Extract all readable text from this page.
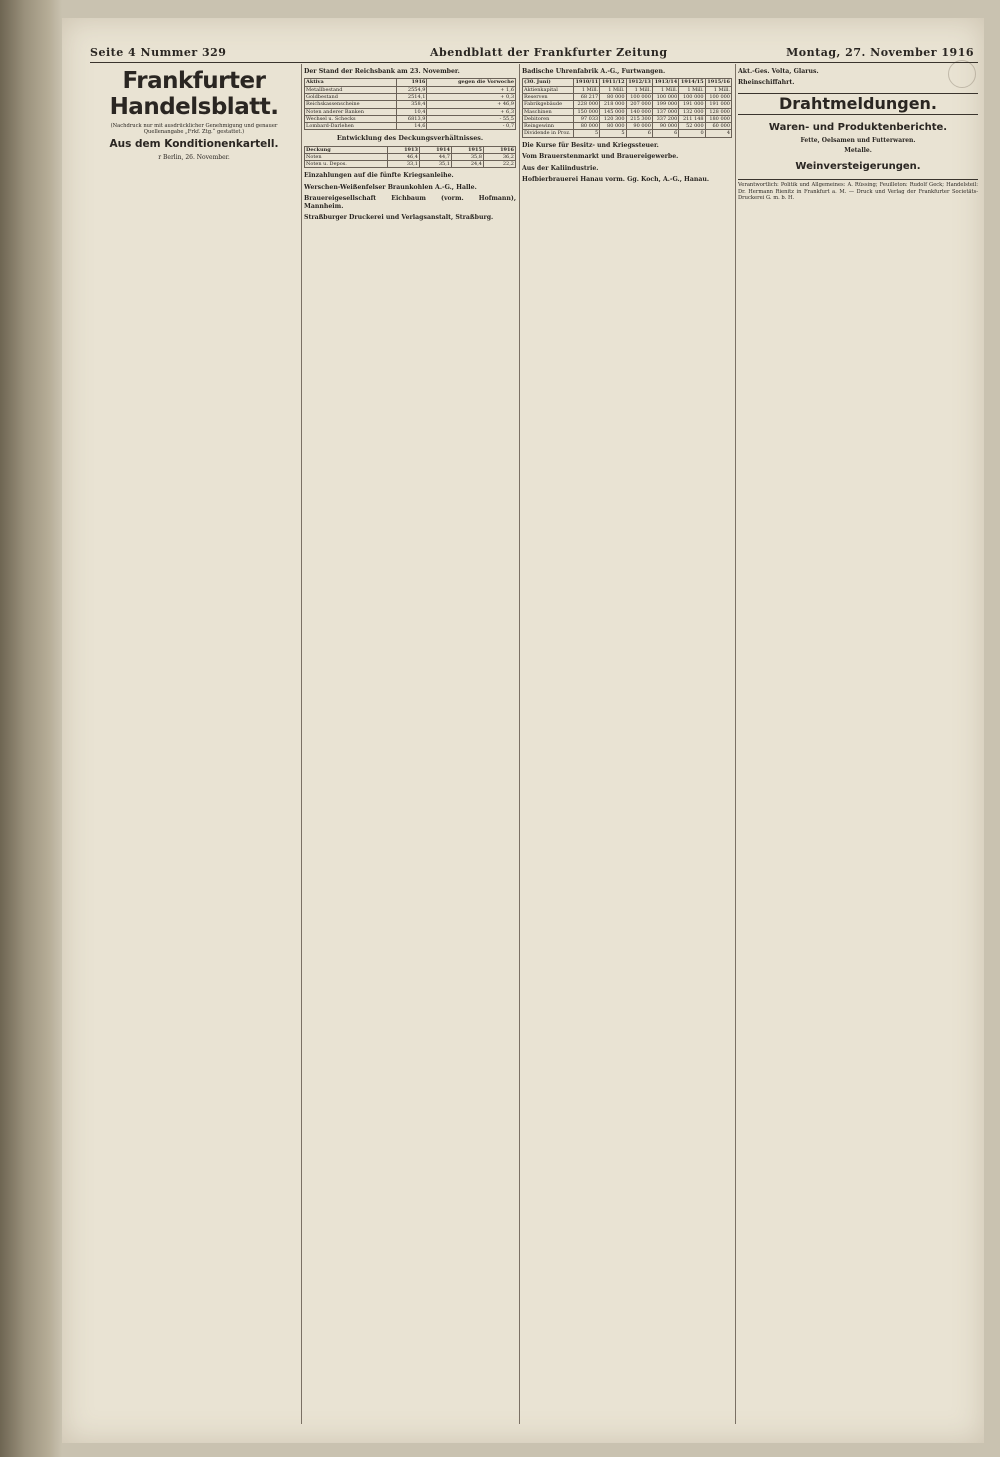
Seite 4 Nummer 329	Abendblatt der Frankfurter Zeitung	Montag, 27. November 1916
Frankfurter Handelsblatt.
(Nachdruck nur mit ausdrücklicher Genehmigung und genauer Quellenangabe „Frkf. Ztg.“ gestattet.)
Aus dem Konditionenkartell.
r Berlin, 26. November.
Der Stand der Reichsbank am 23. November.
Aktiva	1916	gegen die Vorwoche
Metallbestand	2554,9	+ 1,6
Goldbestand	2514,1	+ 0,3
Reichskassenscheine	358,4	+ 46,9
Noten anderer Banken	10,4	+ 6,3
Wechsel u. Schecks	6813,9	- 55,5
Lombard-Darlehen	14,6	- 0,7
Entwicklung des Deckungsverhältnisses.
Deckung	1913	1914	1915	1916
Noten	46,4	44,7	35,8	36,2
Noten u. Depos.	33,1	35,1	24,4	22,2
Einzahlungen auf die fünfte Kriegsanleihe.
Werschen-Weißenfelser Braunkohlen A.-G., Halle.
Brauereigesellschaft Eichbaum (vorm. Hofmann), Mannheim.
Straßburger Druckerei und Verlagsanstalt, Straßburg.
Badische Uhrenfabrik A.-G., Furtwangen.
(30. Juni)	1910/11	1911/12	1912/13	1913/14	1914/15	1915/16
Aktienkapital	1 Mill.	1 Mill.	1 Mill.	1 Mill.	1 Mill.	1 Mill.
Reserven	68 217	80 000	100 000	100 000	100 000	100 000
Fabrikgebäude	228 000	218 000	207 000	199 000	191 000	191 000
Maschinen	150 000	145 000	140 000	137 000	132 000	128 000
Debitoren	97 033	120 300	215 300	337 200	211 148	180 000
Reingewinn	80 000	80 000	90 000	90 000	52 000	60 000
Dividende in Proz.	5	5	6	6	0	4
Die Kurse für Besitz- und Kriegssteuer.
Vom Brauerstenmarkt und Brauereigewerbe.
Aus der Kaliindustrie.
Hofbierbrauerei Hanau vorm. Gg. Koch, A.-G., Hanau.
Akt.-Ges. Volta, Glarus.
Rheinschiffahrt.
Drahtmeldungen.
Waren- und Produktenberichte.
Fette, Oelsamen und Futterwaren.
Metalle.
Weinversteigerungen.
Verantwortlich: Politik und Allgemeines: A. Rüssing; Feuilleton: Rudolf Geck; Handelsteil: Dr. Hermann Rienitz in Frankfurt a. M. — Druck und Verlag der Frankfurter Societäts-Druckerei G. m. b. H.
